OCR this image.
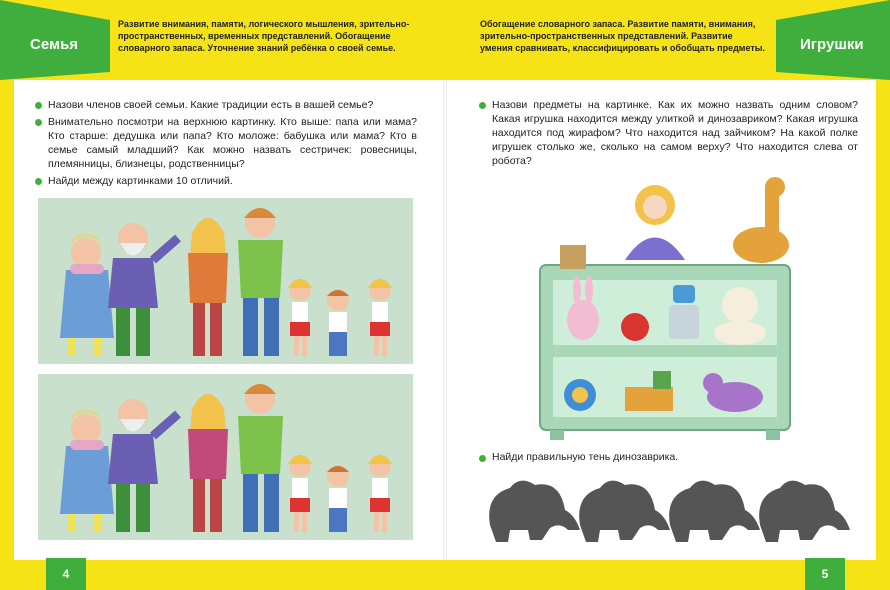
Семья	Игрушки
Развитие внимания, памяти, логического мышления, зрительно-пространственных, временных представлений. Обогащение словарного запаса. Уточнение знаний ребёнка о своей семье.
Обогащение словарного запаса. Развитие памяти, внимания, зрительно-пространственных представлений. Развитие умения сравнивать, классифицировать и обобщать предметы.
Назови членов своей семьи. Какие традиции есть в вашей семье?
Внимательно посмотри на верхнюю картинку. Кто выше: папа или мама? Кто старше: дедушка или папа? Кто моложе: бабушка или мама? Кто в семье самый младший? Как можно назвать сестричек: ровесницы, племянницы, близнецы, родственницы?
Найди между картинками 10 отличий.
Назови предметы на картинке. Как их можно назвать одним словом? Какая игрушка находится между улиткой и динозавриком? Какая игрушка находится под жирафом? Что находится над зайчиком? На какой полке игрушек столько же, сколько на самом верху? Что находится слева от робота?
Найди правильную тень динозаврика.
4	5
